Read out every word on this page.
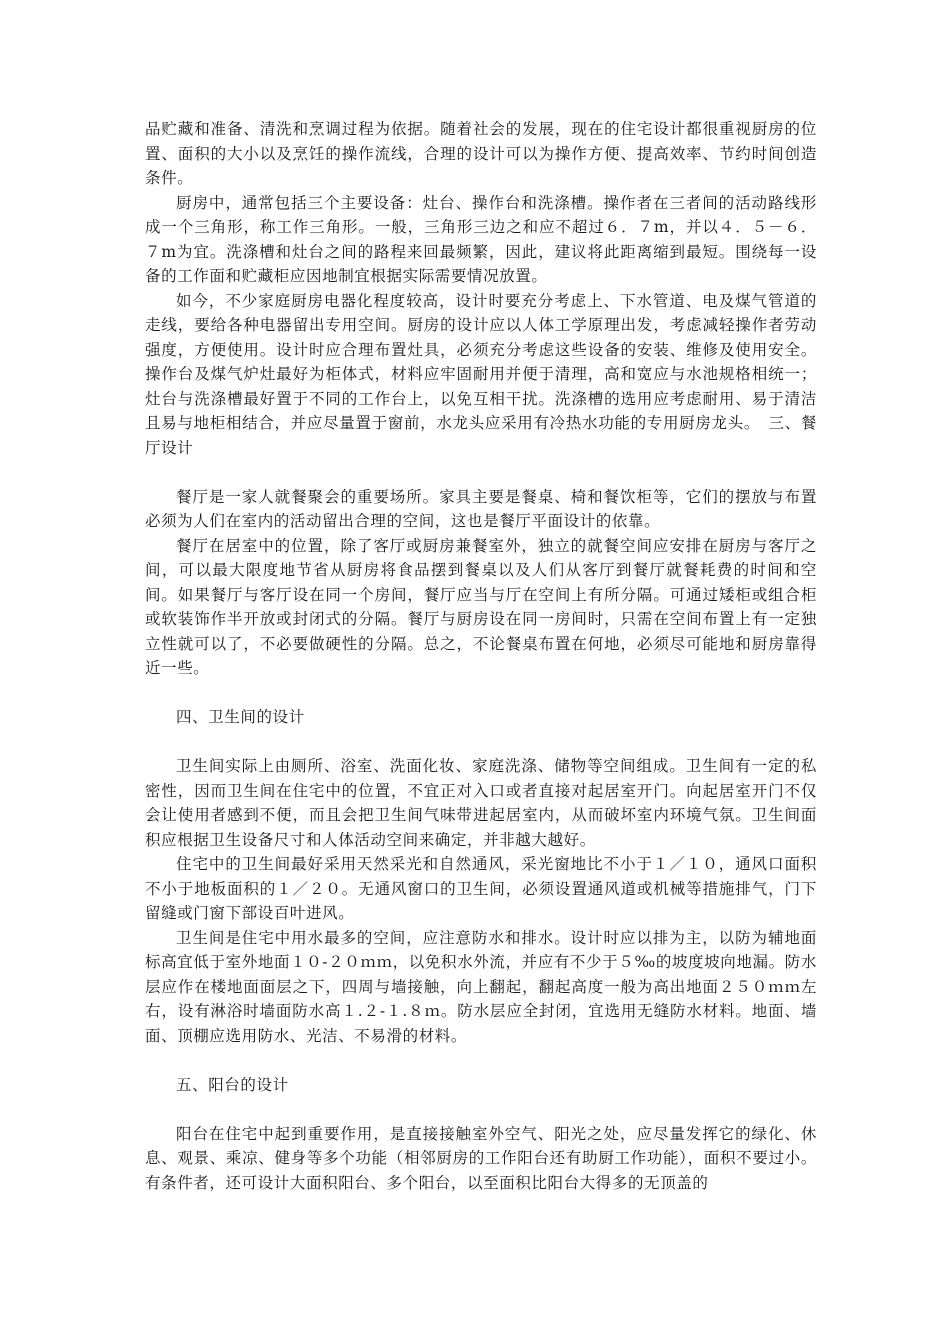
品贮藏和准备、清洗和烹调过程为依据。随着社会的发展，现在的住宅设计都很重视厨房的位置、面积的大小以及烹饪的操作流线，合理的设计可以为操作方便、提高效率、节约时间创造条件。

厨房中，通常包括三个主要设备：灶台、操作台和洗涤槽。操作者在三者间的活动路线形成一个三角形，称工作三角形。一般，三角形三边之和应不超过６．７m，并以４．５－６．７m为宜。洗涤槽和灶台之间的路程来回最频繁，因此，建议将此距离缩到最短。围绕每一设备的工作面和贮藏柜应因地制宜根据实际需要情况放置。

如今，不少家庭厨房电器化程度较高，设计时要充分考虑上、下水管道、电及煤气管道的走线，要给各种电器留出专用空间。厨房的设计应以人体工学原理出发，考虑减轻操作者劳动强度，方便使用。设计时应合理布置灶具，必须充分考虑这些设备的安装、维修及使用安全。操作台及煤气炉灶最好为柜体式，材料应牢固耐用并便于清理，高和宽应与水池规格相统一；灶台与洗涤槽最好置于不同的工作台上，以免互相干扰。洗涤槽的选用应考虑耐用、易于清洁且易与地柜相结合，并应尽量置于窗前，水龙头应采用有冷热水功能的专用厨房龙头。　三、餐厅设计

餐厅是一家人就餐聚会的重要场所。家具主要是餐桌、椅和餐饮柜等，它们的摆放与布置必须为人们在室内的活动留出合理的空间，这也是餐厅平面设计的依靠。

餐厅在居室中的位置，除了客厅或厨房兼餐室外，独立的就餐空间应安排在厨房与客厅之间，可以最大限度地节省从厨房将食品摆到餐桌以及人们从客厅到餐厅就餐耗费的时间和空间。如果餐厅与客厅设在同一个房间，餐厅应当与厅在空间上有所分隔。可通过矮柜或组合柜或软装饰作半开放或封闭式的分隔。餐厅与厨房设在同一房间时，只需在空间布置上有一定独立性就可以了，不必要做硬性的分隔。总之，不论餐桌布置在何地，必须尽可能地和厨房靠得近一些。

四、卫生间的设计

卫生间实际上由厕所、浴室、洗面化妆、家庭洗涤、储物等空间组成。卫生间有一定的私密性，因而卫生间在住宅中的位置，不宜正对入口或者直接对起居室开门。向起居室开门不仅会让使用者感到不便，而且会把卫生间气味带进起居室内，从而破坏室内环境气氛。卫生间面积应根据卫生设备尺寸和人体活动空间来确定，并非越大越好。

住宅中的卫生间最好采用天然采光和自然通风，采光窗地比不小于１／１０，通风口面积不小于地板面积的１／２０。无通风窗口的卫生间，必须设置通风道或机械等措施排气，门下留缝或门窗下部设百叶进风。

卫生间是住宅中用水最多的空间，应注意防水和排水。设计时应以排为主，以防为辅地面标高宜低于室外地面１０-２０ｍｍ，以免积水外流，并应有不少于５‰的坡度坡向地漏。防水层应作在楼地面面层之下，四周与墙接触，向上翻起，翻起高度一般为高出地面２５０ｍｍ左右，设有淋浴时墙面防水高１.２-１.８ｍ。防水层应全封闭，宜选用无缝防水材料。地面、墙面、顶棚应选用防水、光洁、不易滑的材料。

五、阳台的设计

阳台在住宅中起到重要作用，是直接接触室外空气、阳光之处，应尽量发挥它的绿化、休息、观景、乘凉、健身等多个功能（相邻厨房的工作阳台还有助厨工作功能），面积不要过小。有条件者，还可设计大面积阳台、多个阳台，以至面积比阳台大得多的无顶盖的
